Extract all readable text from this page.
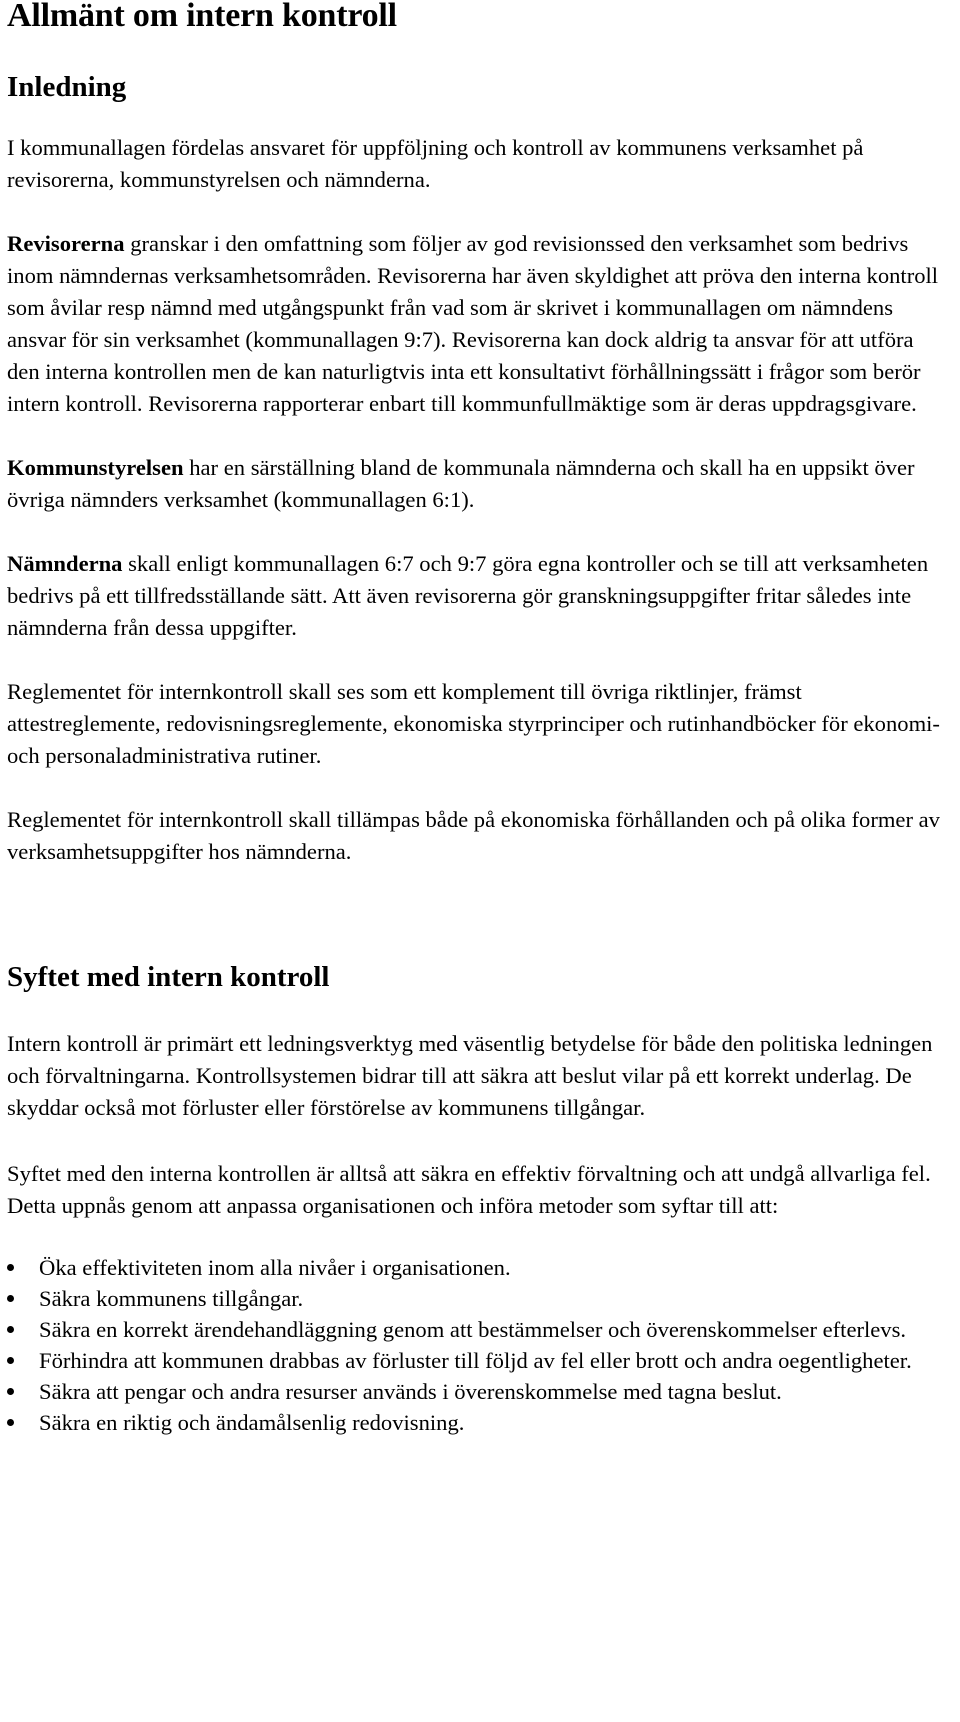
Allmänt om intern kontroll
Inledning

I kommunallagen fördelas ansvaret för uppföljning och kontroll av kommunens verksamhet på revisorerna, kommunstyrelsen och nämnderna.

Revisorerna granskar i den omfattning som följer av god revisionssed den verksamhet som bedrivs inom nämndernas verksamhetsområden. Revisorerna har även skyldighet att pröva den interna kontroll som åvilar resp nämnd med utgångspunkt från vad som är skrivet i kommunallagen om nämndens ansvar för sin verksamhet (kommunallagen 9:7). Revisorerna kan dock aldrig ta ansvar för att utföra den interna kontrollen men de kan naturligtvis inta ett konsultativt förhållningssätt i frågor som berör intern kontroll. Revisorerna rapporterar enbart till kommunfullmäktige som är deras uppdragsgivare.

Kommunstyrelsen har en särställning bland de kommunala nämnderna och skall ha en uppsikt över övriga nämnders verksamhet (kommunallagen 6:1).

Nämnderna skall enligt kommunallagen 6:7 och 9:7 göra egna kontroller och se till att verksamheten bedrivs på ett tillfredsställande sätt. Att även revisorerna gör granskningsuppgifter fritar således inte nämnderna från dessa uppgifter.

Reglementet för internkontroll skall ses som ett komplement till övriga riktlinjer, främst attestreglemente, redovisningsreglemente, ekonomiska styrprinciper och rutinhandböcker för ekonomi- och personaladministrativa rutiner.

Reglementet för internkontroll skall tillämpas både på ekonomiska förhållanden och på olika former av verksamhetsuppgifter hos nämnderna.

Syftet med intern kontroll

Intern kontroll är primärt ett ledningsverktyg med väsentlig betydelse för både den politiska ledningen och förvaltningarna. Kontrollsystemen bidrar till att säkra att beslut vilar på ett korrekt underlag. De skyddar också mot förluster eller förstörelse av kommunens tillgångar.

Syftet med den interna kontrollen är alltså att säkra en effektiv förvaltning och att undgå allvarliga fel. Detta uppnås genom att anpassa organisationen och införa metoder som syftar till att:

Öka effektiviteten inom alla nivåer i organisationen.
Säkra kommunens tillgångar.
Säkra en korrekt ärendehandläggning genom att bestämmelser och överenskommelser efterlevs.
Förhindra att kommunen drabbas av förluster till följd av fel eller brott och andra oegentligheter.
Säkra att pengar och andra resurser används i överenskommelse med tagna beslut.
Säkra en riktig och ändamålsenlig redovisning.
